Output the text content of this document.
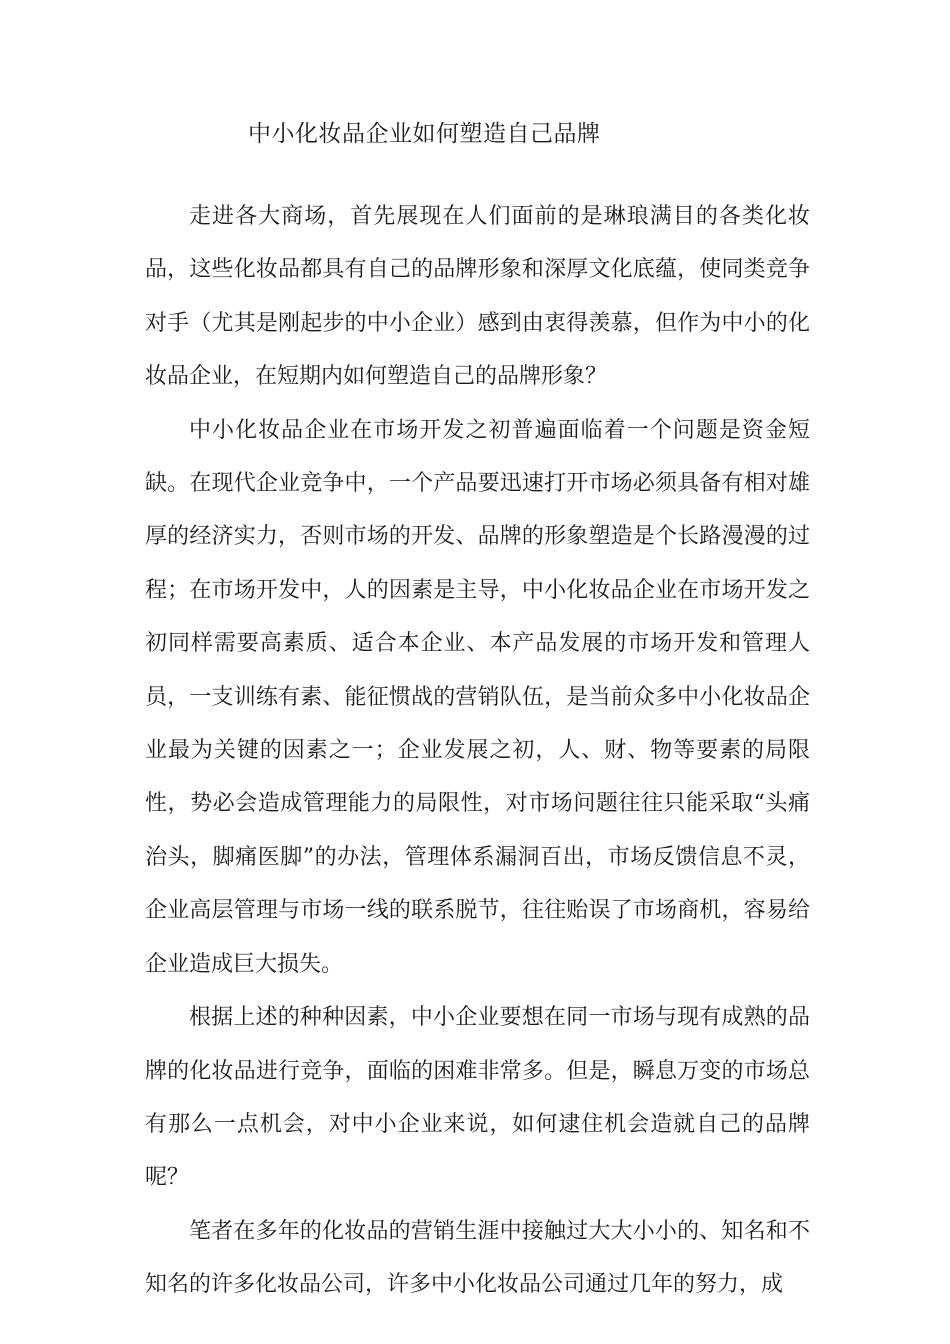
中小化妆品企业如何塑造自己品牌

走进各大商场，首先展现在人们面前的是琳琅满目的各类化妆品，这些化妆品都具有自己的品牌形象和深厚文化底蕴，使同类竞争对手（尤其是刚起步的中小企业）感到由衷得羡慕，但作为中小的化妆品企业，在短期内如何塑造自己的品牌形象？

中小化妆品企业在市场开发之初普遍面临着一个问题是资金短缺。在现代企业竞争中，一个产品要迅速打开市场必须具备有相对雄厚的经济实力，否则市场的开发、品牌的形象塑造是个长路漫漫的过程；在市场开发中，人的因素是主导，中小化妆品企业在市场开发之初同样需要高素质、适合本企业、本产品发展的市场开发和管理人员，一支训练有素、能征惯战的营销队伍，是当前众多中小化妆品企业最为关键的因素之一；企业发展之初，人、财、物等要素的局限性，势必会造成管理能力的局限性，对市场问题往往只能采取“头痛治头，脚痛医脚”的办法，管理体系漏洞百出，市场反馈信息不灵，企业高层管理与市场一线的联系脱节，往往贻误了市场商机，容易给企业造成巨大损失。

根据上述的种种因素，中小企业要想在同一市场与现有成熟的品牌的化妆品进行竞争，面临的困难非常多。但是，瞬息万变的市场总有那么一点机会，对中小企业来说，如何逮住机会造就自己的品牌呢？

笔者在多年的化妆品的营销生涯中接触过大大小小的、知名和不知名的许多化妆品公司，许多中小化妆品公司通过几年的努力，成
